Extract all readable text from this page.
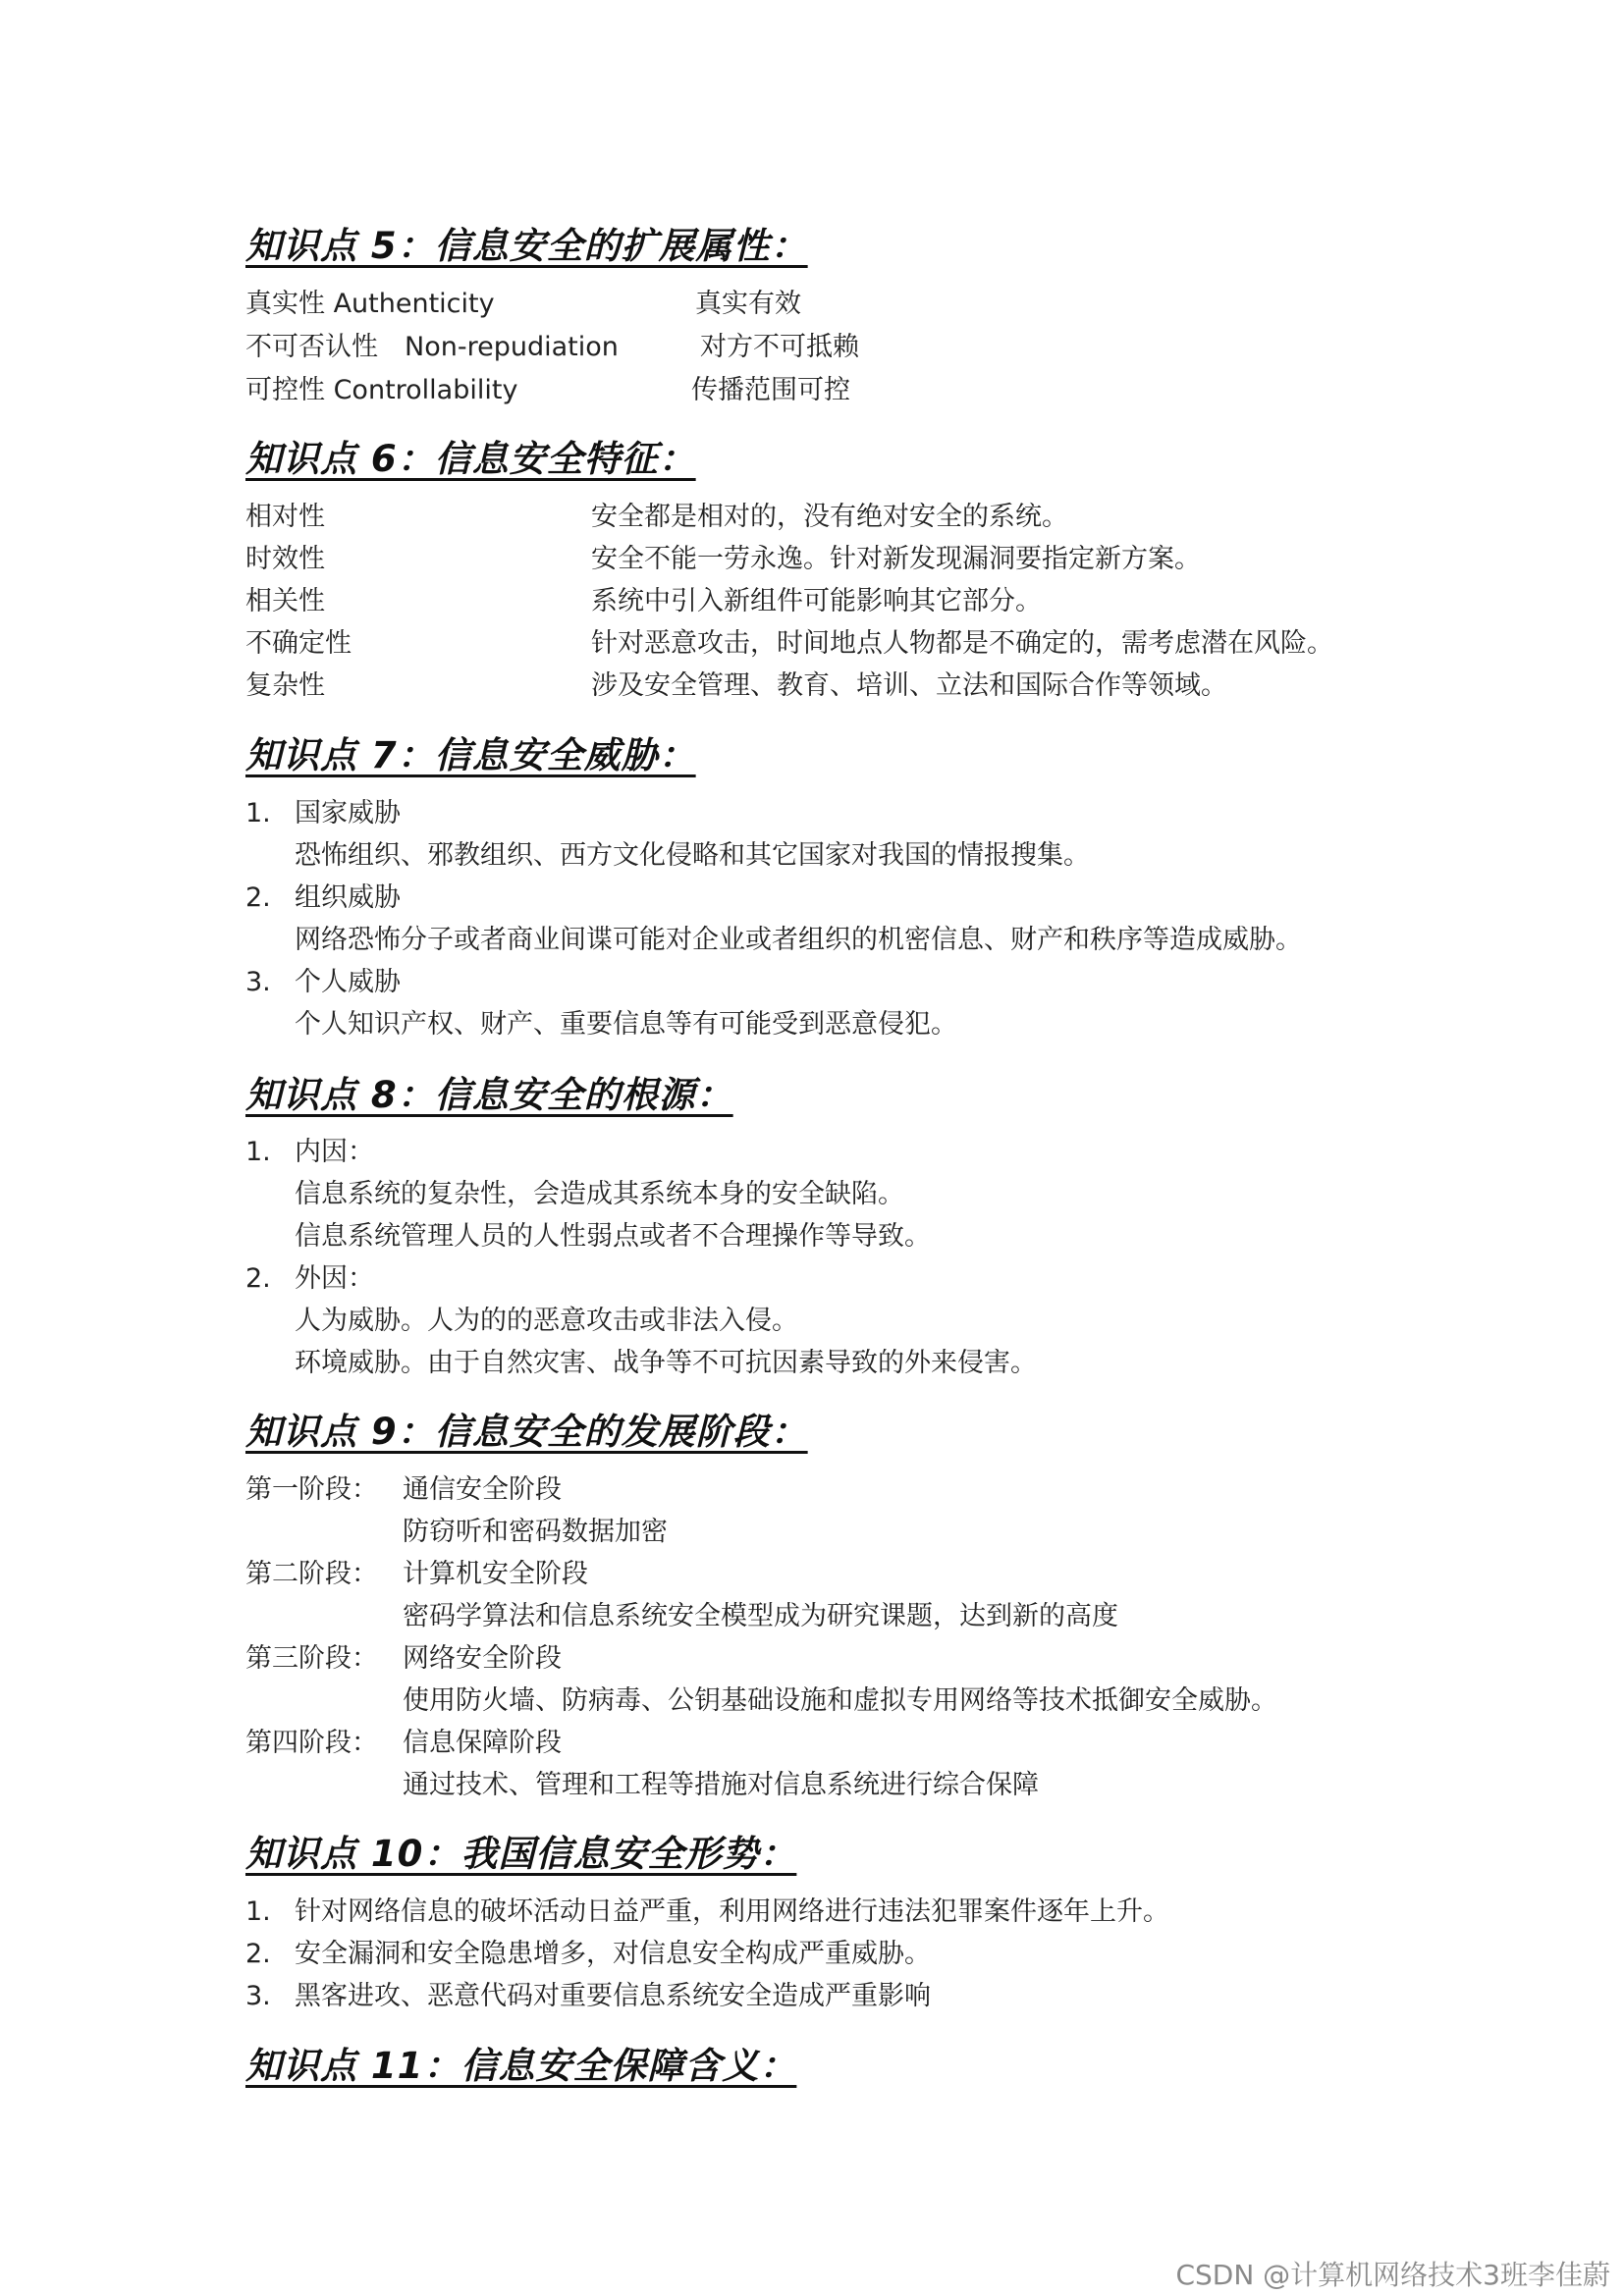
知识点 5：信息安全的扩展属性：
真实性 Authenticity	真实有效
不可否认性　Non-repudiation	对方不可抵赖
可控性 Controllability	传播范围可控
知识点 6：信息安全特征：
相对性	安全都是相对的，没有绝对安全的系统。
时效性	安全不能一劳永逸。针对新发现漏洞要指定新方案。
相关性	系统中引入新组件可能影响其它部分。
不确定性	针对恶意攻击，时间地点人物都是不确定的，需考虑潜在风险。
复杂性	涉及安全管理、教育、培训、立法和国际合作等领域。
知识点 7：信息安全威胁：
1. 国家威胁
恐怖组织、邪教组织、西方文化侵略和其它国家对我国的情报搜集。
2. 组织威胁
网络恐怖分子或者商业间谍可能对企业或者组织的机密信息、财产和秩序等造成威胁。
3. 个人威胁
个人知识产权、财产、重要信息等有可能受到恶意侵犯。
知识点 8：信息安全的根源：
1. 内因：
信息系统的复杂性，会造成其系统本身的安全缺陷。
信息系统管理人员的人性弱点或者不合理操作等导致。
2. 外因：
人为威胁。人为的的恶意攻击或非法入侵。
环境威胁。由于自然灾害、战争等不可抗因素导致的外来侵害。
知识点 9：信息安全的发展阶段：
第一阶段： 通信安全阶段
防窃听和密码数据加密
第二阶段： 计算机安全阶段
密码学算法和信息系统安全模型成为研究课题，达到新的高度
第三阶段： 网络安全阶段
使用防火墙、防病毒、公钥基础设施和虚拟专用网络等技术抵御安全威胁。
第四阶段： 信息保障阶段
通过技术、管理和工程等措施对信息系统进行综合保障
知识点 10：我国信息安全形势：
1. 针对网络信息的破坏活动日益严重，利用网络进行违法犯罪案件逐年上升。
2. 安全漏洞和安全隐患增多，对信息安全构成严重威胁。
3. 黑客进攻、恶意代码对重要信息系统安全造成严重影响
知识点 11：信息安全保障含义：
CSDN @计算机网络技术3班李佳蔚
